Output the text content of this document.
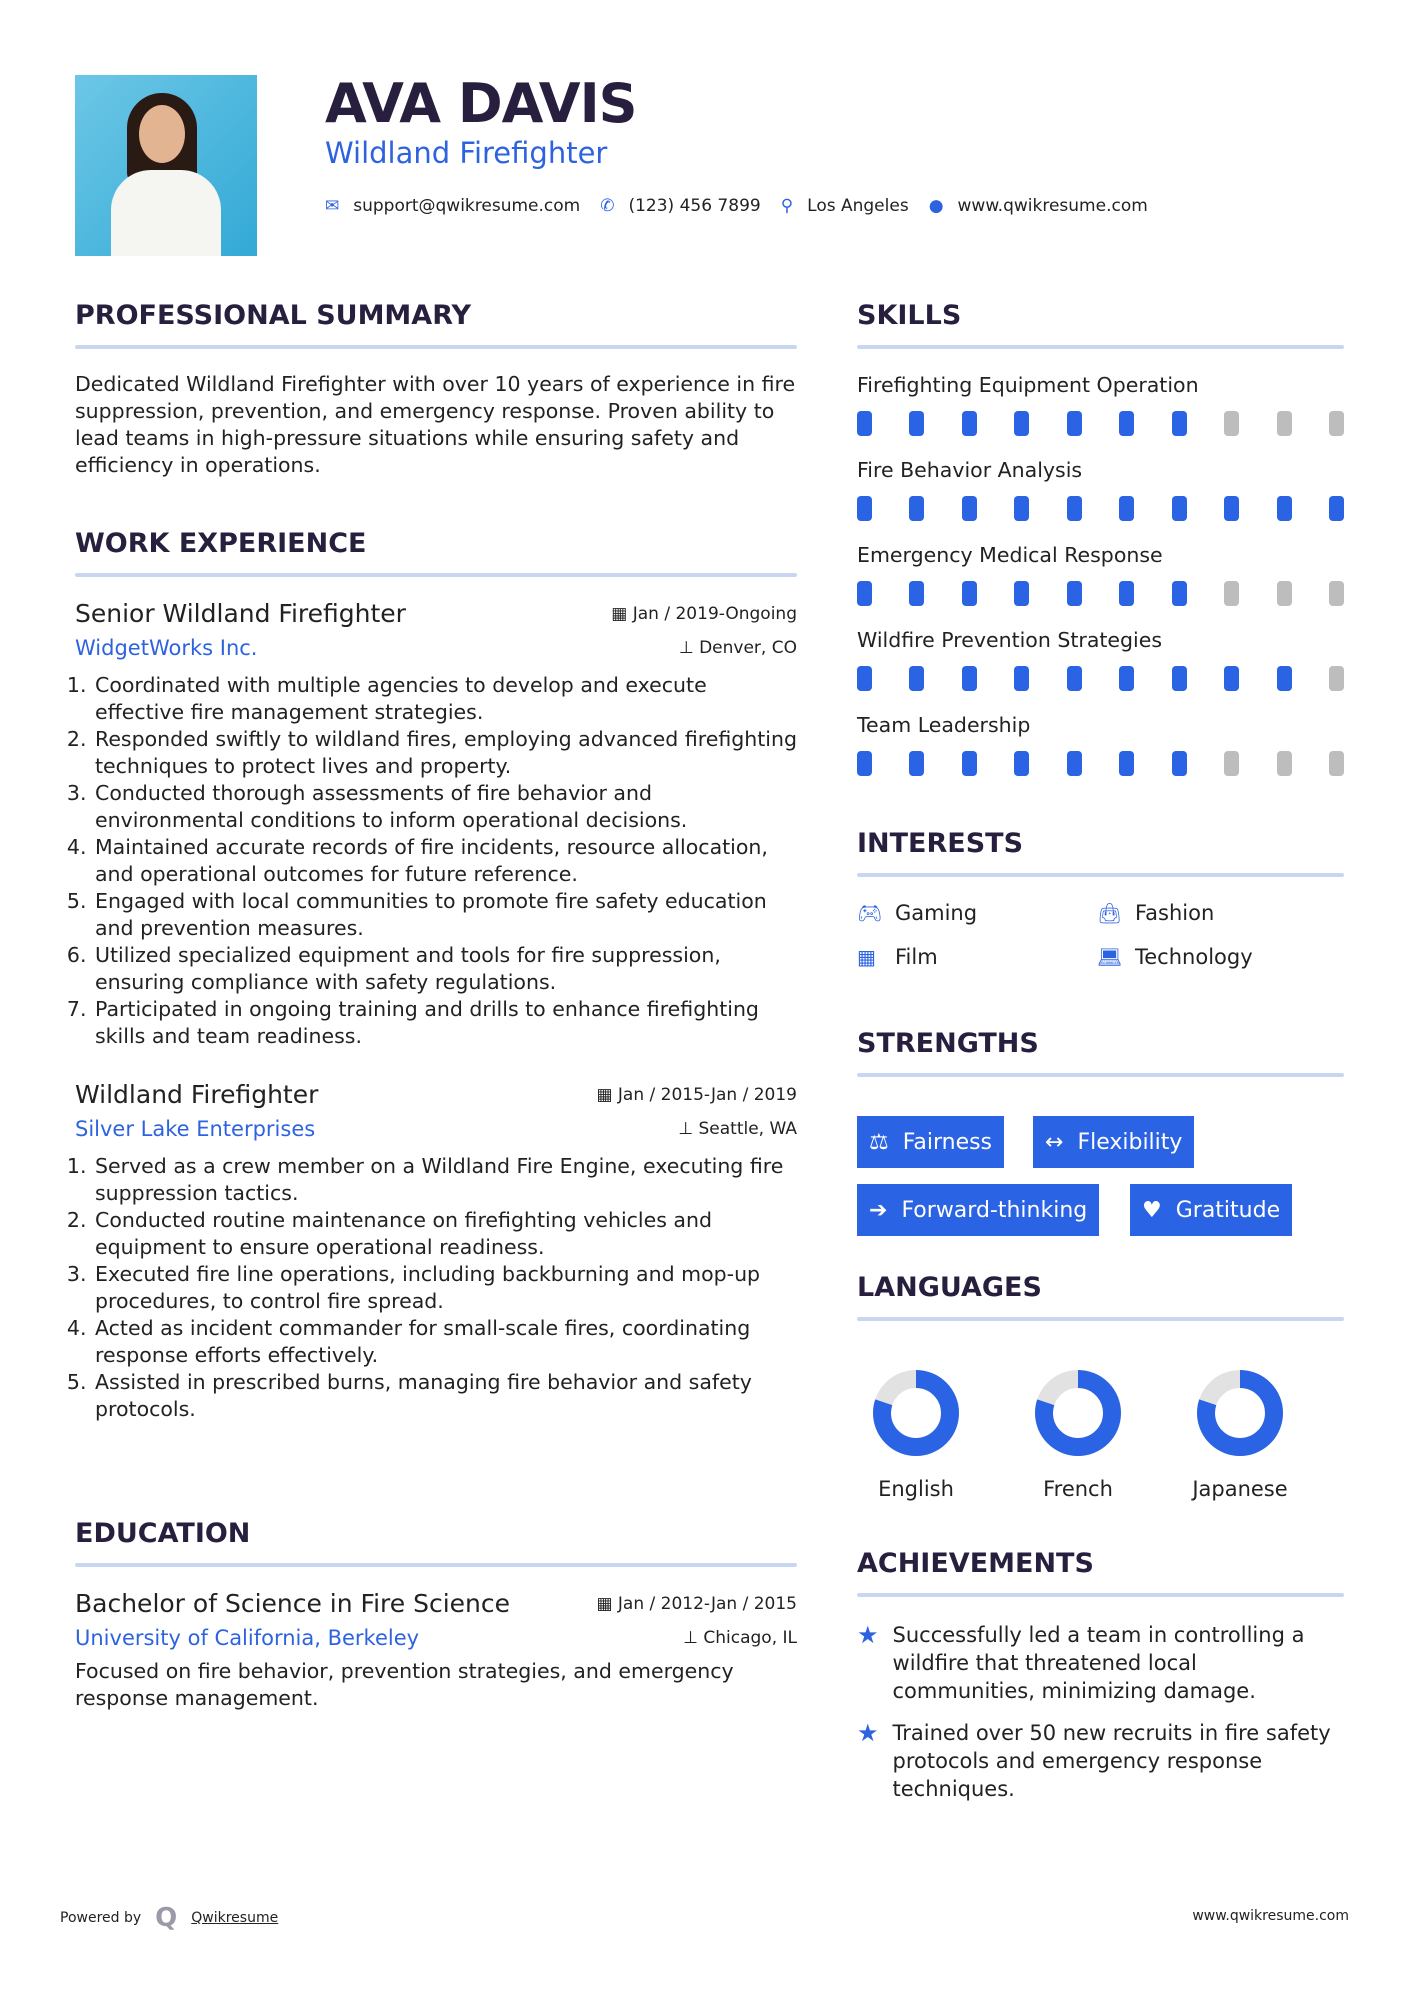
AVA DAVIS
Wildland Firefighter
✉ support@qwikresume.com ✆ (123) 456 7899 ⚲ Los Angeles ● www.qwikresume.com
PROFESSIONAL SUMMARY

Dedicated Wildland Firefighter with over 10 years of experience in fire suppression, prevention, and emergency response. Proven ability to lead teams in high-pressure situations while ensuring safety and efficiency in operations.

WORK EXPERIENCE
Senior Wildland Firefighter	▦ Jan / 2019-Ongoing
WidgetWorks Inc.	⊥ Denver, CO
1. Coordinated with multiple agencies to develop and execute effective fire management strategies.
2. Responded swiftly to wildland fires, employing advanced firefighting techniques to protect lives and property.
3. Conducted thorough assessments of fire behavior and environmental conditions to inform operational decisions.
4. Maintained accurate records of fire incidents, resource allocation, and operational outcomes for future reference.
5. Engaged with local communities to promote fire safety education and prevention measures.
6. Utilized specialized equipment and tools for fire suppression, ensuring compliance with safety regulations.
7. Participated in ongoing training and drills to enhance firefighting skills and team readiness.
Wildland Firefighter	▦ Jan / 2015-Jan / 2019
Silver Lake Enterprises	⊥ Seattle, WA
1. Served as a crew member on a Wildland Fire Engine, executing fire suppression tactics.
2. Conducted routine maintenance on firefighting vehicles and equipment to ensure operational readiness.
3. Executed fire line operations, including backburning and mop-up procedures, to control fire spread.
4. Acted as incident commander for small-scale fires, coordinating response efforts effectively.
5. Assisted in prescribed burns, managing fire behavior and safety protocols.
EDUCATION
Bachelor of Science in Fire Science	▦ Jan / 2012-Jan / 2015
University of California, Berkeley	⊥ Chicago, IL

Focused on fire behavior, prevention strategies, and emergency response management.

SKILLS
Firefighting Equipment Operation
Fire Behavior Analysis
Emergency Medical Response
Wildfire Prevention Strategies
Team Leadership
INTERESTS
🎮︎ Gaming	👜︎ Fashion
▦ Film	💻︎ Technology
STRENGTHS
⚖ Fairness ↔ Flexibility
➔ Forward-thinking ♥ Gratitude
LANGUAGES
English	French	Japanese
ACHIEVEMENTS
★ Successfully led a team in controlling a wildfire that threatened local communities, minimizing damage.
★ Trained over 50 new recruits in fire safety protocols and emergency response techniques.
Powered by Q Qwikresume	www.qwikresume.com
